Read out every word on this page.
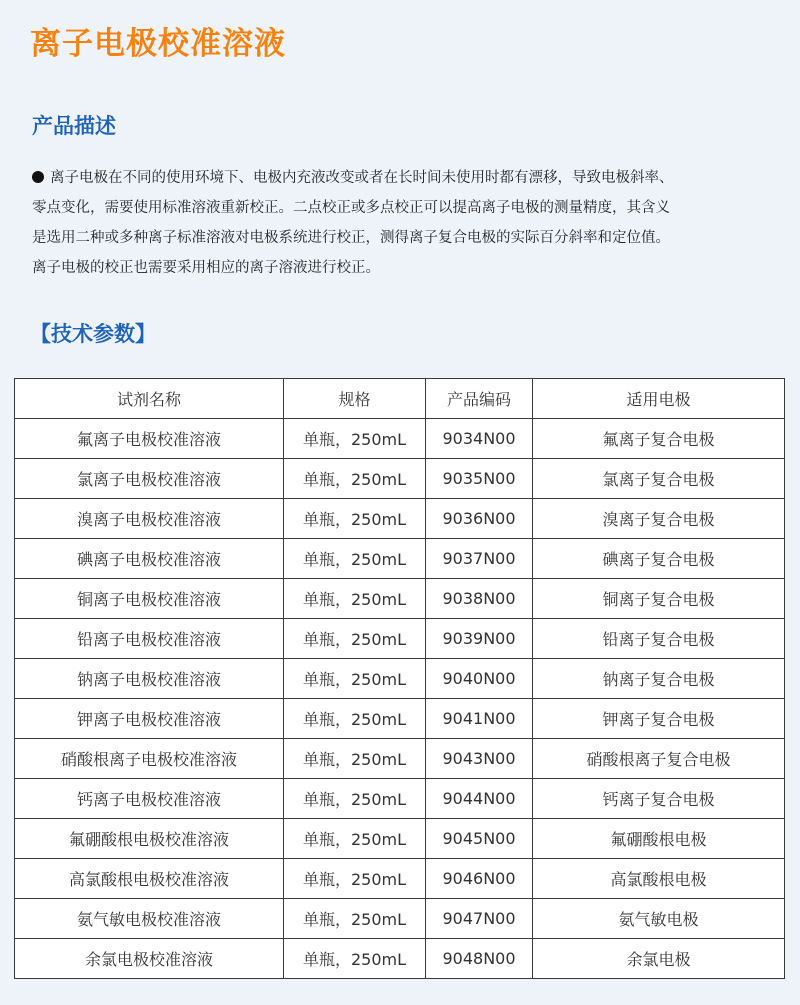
离子电极校准溶液
产品描述
离子电极在不同的使用环境下、电极内充液改变或者在长时间未使用时都有漂移，导致电极斜率、
零点变化，需要使用标准溶液重新校正。二点校正或多点校正可以提高离子电极的测量精度，其含义
是选用二种或多种离子标准溶液对电极系统进行校正，测得离子复合电极的实际百分斜率和定位值。
离子电极的校正也需要采用相应的离子溶液进行校正。
【技术参数】
试剂名称	规格	产品编码	适用电极
氟离子电极校准溶液	单瓶，250mL	9034N00	氟离子复合电极
氯离子电极校准溶液	单瓶，250mL	9035N00	氯离子复合电极
溴离子电极校准溶液	单瓶，250mL	9036N00	溴离子复合电极
碘离子电极校准溶液	单瓶，250mL	9037N00	碘离子复合电极
铜离子电极校准溶液	单瓶，250mL	9038N00	铜离子复合电极
铅离子电极校准溶液	单瓶，250mL	9039N00	铅离子复合电极
钠离子电极校准溶液	单瓶，250mL	9040N00	钠离子复合电极
钾离子电极校准溶液	单瓶，250mL	9041N00	钾离子复合电极
硝酸根离子电极校准溶液	单瓶，250mL	9043N00	硝酸根离子复合电极
钙离子电极校准溶液	单瓶，250mL	9044N00	钙离子复合电极
氟硼酸根电极校准溶液	单瓶，250mL	9045N00	氟硼酸根电极
高氯酸根电极校准溶液	单瓶，250mL	9046N00	高氯酸根电极
氨气敏电极校准溶液	单瓶，250mL	9047N00	氨气敏电极
余氯电极校准溶液	单瓶，250mL	9048N00	余氯电极
